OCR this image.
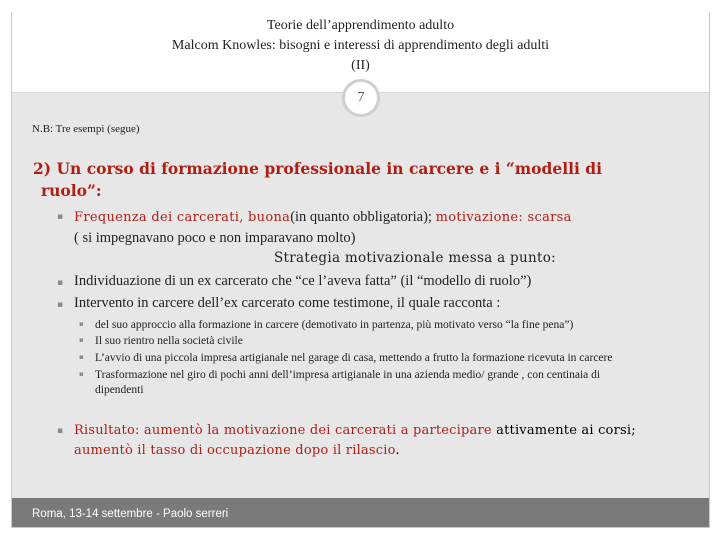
Teorie dell’apprendimento adulto
Malcom Knowles: bisogni e interessi di apprendimento degli adulti
(II)
7
N.B: Tre esempi (segue)
2) Un corso di formazione professionale in carcere e i “modelli di
ruolo”:
▪ Frequenza dei carcerati, buona(in quanto obbligatoria); motivazione: scarsa
( si impegnavano poco e non imparavano molto)
Strategia motivazionale messa a punto:
▪ Individuazione di un ex carcerato che “ce l’aveva fatta” (il “modello di ruolo”)
▪ Intervento in carcere dell’ex carcerato come testimone, il quale racconta :
▪ del suo approccio alla formazione in carcere (demotivato in partenza, più motivato verso “la fine pena”)
▪ Il suo rientro nella società civile
▪ L’avvio di una piccola impresa artigianale nel garage di casa, mettendo a frutto la formazione ricevuta in carcere
▪ Trasformazione nel giro di pochi anni dell’impresa artigianale in una azienda medio/ grande , con centinaia di
dipendenti
▪ Risultato: aumentò la motivazione dei carcerati a partecipare attivamente ai corsi;
aumentò il tasso di occupazione dopo il rilascio.
Roma, 13-14 settembre - Paolo serreri
